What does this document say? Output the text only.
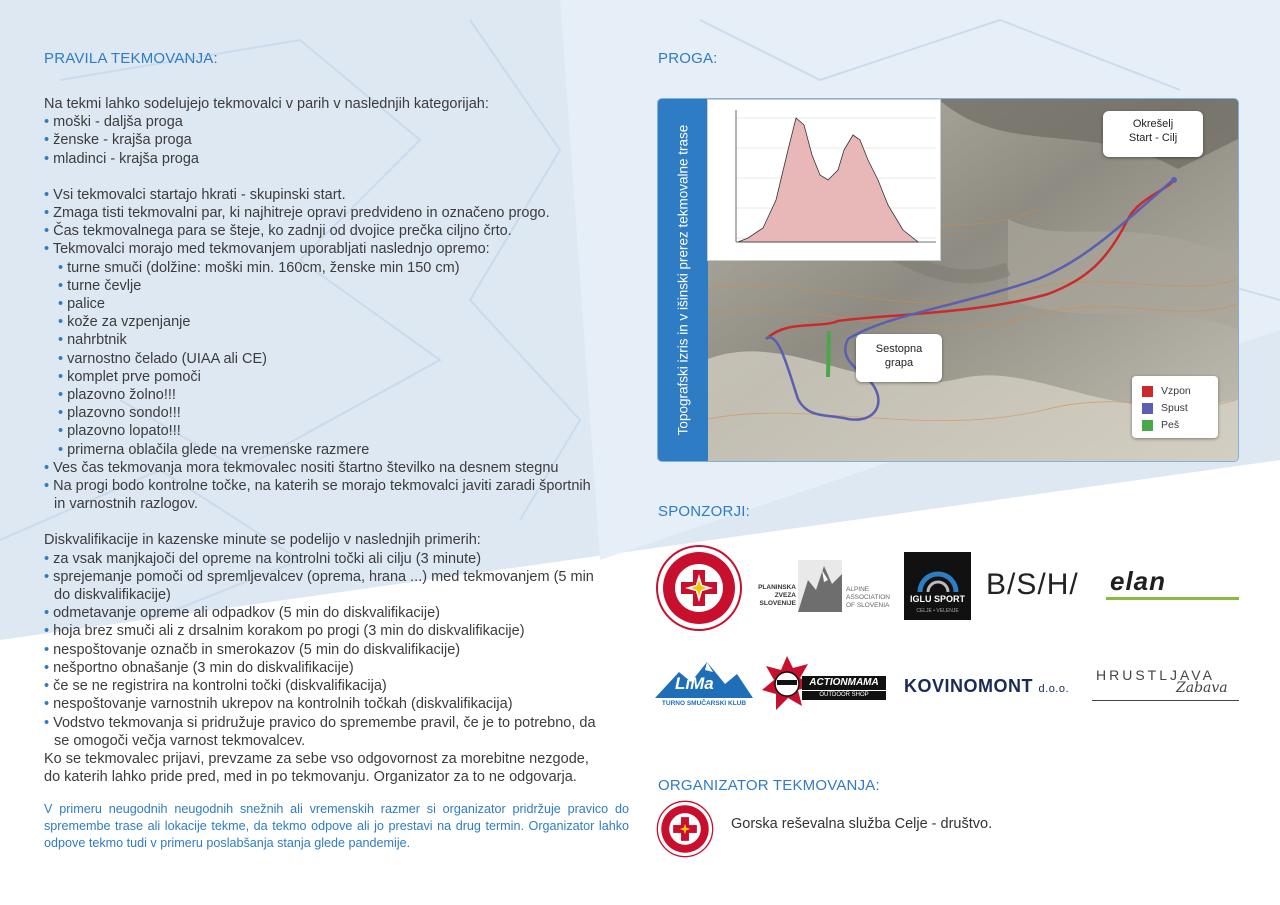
PRAVILA TEKMOVANJA:

Na tekmi lahko sodelujejo tekmovalci v parih v naslednjih kategorijah:

• moški - daljša proga

• ženske - krajša proga

• mladinci - krajša proga

• Vsi tekmovalci startajo hkrati - skupinski start.

• Zmaga tisti tekmovalni par, ki najhitreje opravi predvideno in označeno progo.

• Čas tekmovalnega para se šteje, ko zadnji od dvojice prečka ciljno črto.

• Tekmovalci morajo med tekmovanjem uporabljati naslednjo opremo:

• turne smuči (dolžine: moški min. 160cm, ženske min 150 cm)

• turne čevlje

• palice

• kože za vzpenjanje

• nahrbtnik

• varnostno čelado (UIAA ali CE)

• komplet prve pomoči

• plazovno žolno!!!

• plazovno sondo!!!

• plazovno lopato!!!

• primerna oblačila glede na vremenske razmere

• Ves čas tekmovanja mora tekmovalec nositi štartno številko na desnem stegnu

• Na progi bodo kontrolne točke, na katerih se morajo tekmovalci javiti zaradi športnih

in varnostnih razlogov.

Diskvalifikacije in kazenske minute se podelijo v naslednjih primerih:

• za vsak manjkajoči del opreme na kontrolni točki ali cilju (3 minute)

• sprejemanje pomoči od spremljevalcev (oprema, hrana ...) med tekmovanjem (5 min

do diskvalifikacije)

• odmetavanje opreme ali odpadkov (5 min do diskvalifikacije)

• hoja brez smuči ali z drsalnim korakom po progi (3 min do diskvalifikacije)

• nespoštovanje označb in smerokazov (5 min do diskvalifikacije)

• nešportno obnašanje (3 min do diskvalifikacije)

• če se ne registrira na kontrolni točki (diskvalifikacija)

• nespoštovanje varnostnih ukrepov na kontrolnih točkah (diskvalifikacija)

• Vodstvo tekmovanja si pridružuje pravico do spremembe pravil, če je to potrebno, da

se omogoči večja varnost tekmovalcev.

Ko se tekmovalec prijavi, prevzame za sebe vso odgovornost za morebitne nezgode,

do katerih lahko pride pred, med in po tekmovanju. Organizator za to ne odgovarja.

V primeru neugodnih neugodnih snežnih ali vremenskih razmer si organizator pridržuje pravico do spremembe trase ali lokacije tekme, da tekmo odpove ali jo prestavi na drug termin. Organizator lahko odpove tekmo tudi v primeru poslabšanja stanja glede pandemije.
PROGA:
Topografski izris in v išinski prerez tekmovalne trase
Okrešelj
Start - Cilj
Sestopna
grapa
Vzpon
Spust
Peš
SPONZORJI:
PLANINSKA
ZVEZA
SLOVENIJE
ALPINE
ASSOCIATION
OF SLOVENIA
IGLU SPORT
CELJE • VELENJE
B/S/H/ elan
LiMa
TURNO SMUČARSKI KLUB
ACTIONMAMA
OUTDOOR SHOP	KOVINOMONT d.o.o.
HRUSTLJAVA
Zabava
ORGANIZATOR TEKMOVANJA:
Gorska reševalna služba Celje - društvo.
